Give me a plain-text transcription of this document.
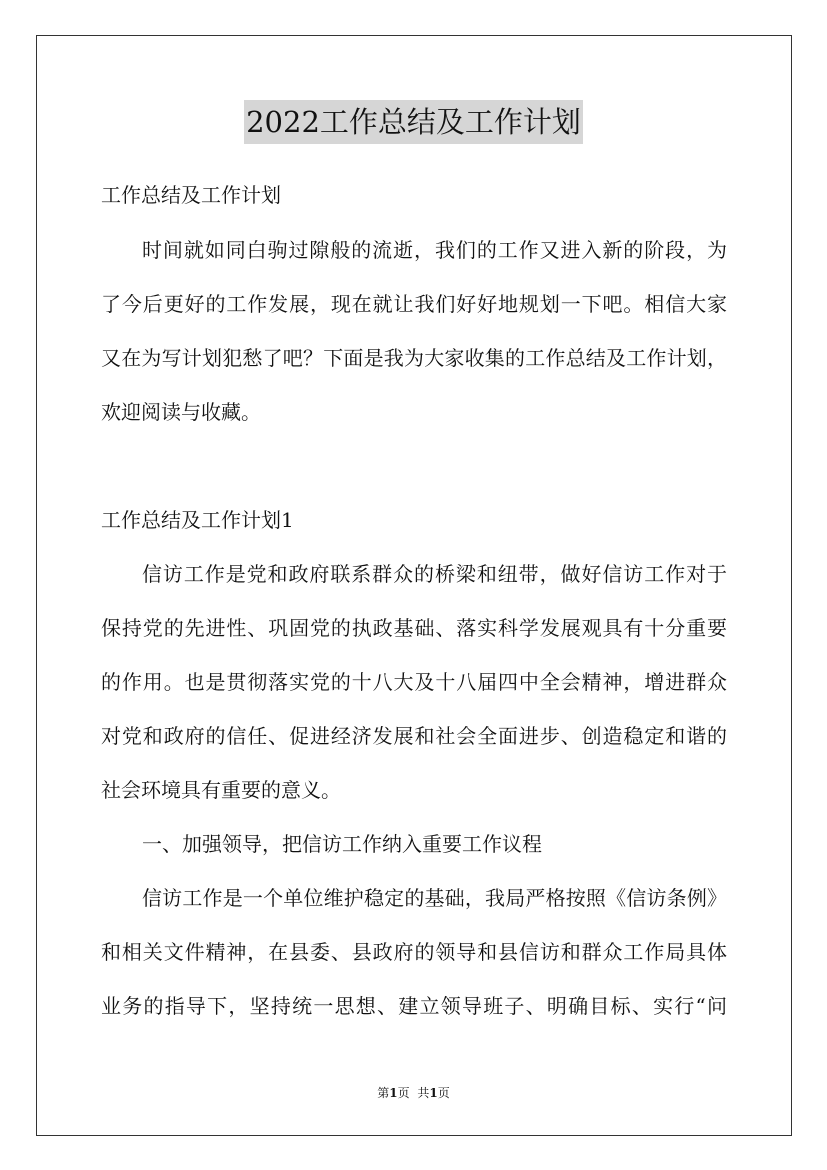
2022工作总结及工作计划
工作总结及工作计划
时间就如同白驹过隙般的流逝，我们的工作又进入新的阶段，为
了今后更好的工作发展，现在就让我们好好地规划一下吧。相信大家
又在为写计划犯愁了吧？下面是我为大家收集的工作总结及工作计划，
欢迎阅读与收藏。
工作总结及工作计划1
信访工作是党和政府联系群众的桥梁和纽带，做好信访工作对于
保持党的先进性、巩固党的执政基础、落实科学发展观具有十分重要
的作用。也是贯彻落实党的十八大及十八届四中全会精神，增进群众
对党和政府的信任、促进经济发展和社会全面进步、创造稳定和谐的
社会环境具有重要的意义。
一、加强领导，把信访工作纳入重要工作议程
信访工作是一个单位维护稳定的基础，我局严格按照《信访条例》
和相关文件精神，在县委、县政府的领导和县信访和群众工作局具体
业务的指导下，坚持统一思想、建立领导班子、明确目标、实行“问
第1页 共1页
